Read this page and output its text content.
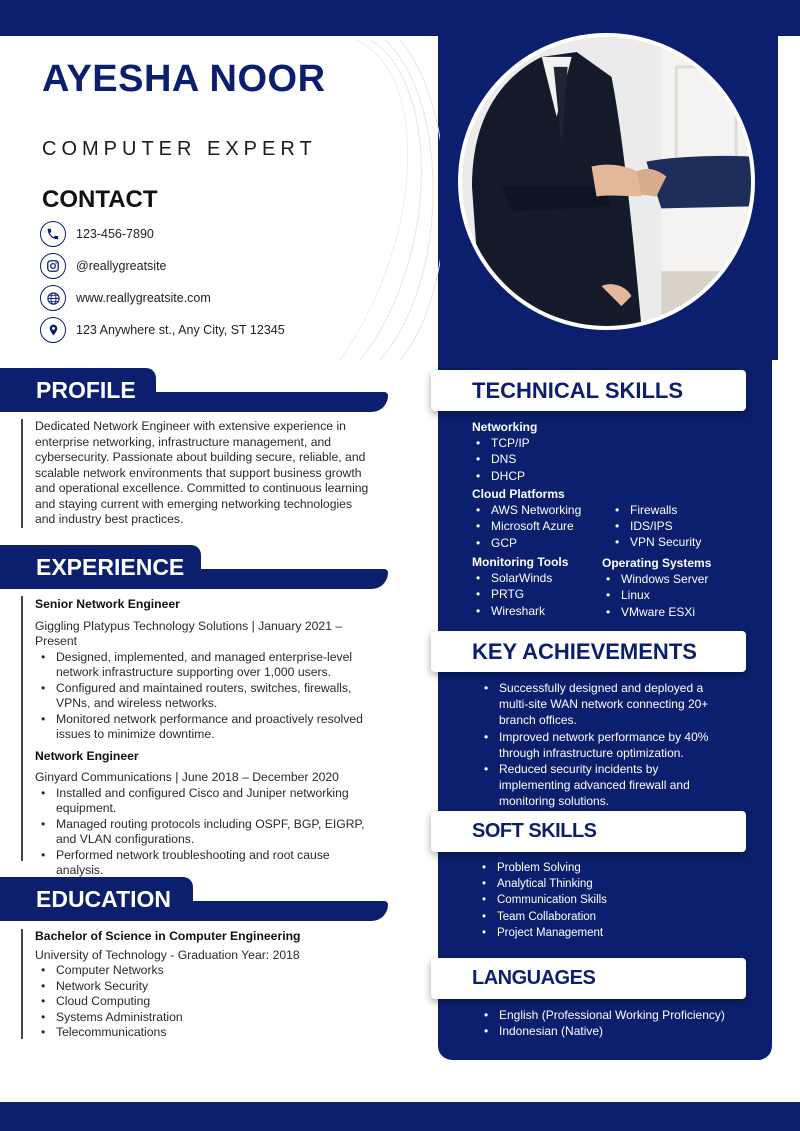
AYESHA NOOR
COMPUTER EXPERT
CONTACT
123-456-7890
@reallygreatsite
www.reallygreatsite.com
123 Anywhere st., Any City, ST 12345
PROFILE
Dedicated Network Engineer with extensive experience in enterprise networking, infrastructure management, and cybersecurity. Passionate about building secure, reliable, and scalable network environments that support business growth and operational excellence. Committed to continuous learning and staying current with emerging networking technologies and industry best practices.
EXPERIENCE
Senior Network Engineer
Giggling Platypus Technology Solutions | January 2021 – Present
• Designed, implemented, and managed enterprise-level network infrastructure supporting over 1,000 users.
• Configured and maintained routers, switches, firewalls, VPNs, and wireless networks.
• Monitored network performance and proactively resolved issues to minimize downtime.
Network Engineer
Ginyard Communications | June 2018 – December 2020
• Installed and configured Cisco and Juniper networking equipment.
• Managed routing protocols including OSPF, BGP, EIGRP, and VLAN configurations.
• Performed network troubleshooting and root cause analysis.
EDUCATION
Bachelor of Science in Computer Engineering
University of Technology - Graduation Year: 2018
• Computer Networks
• Network Security
• Cloud Computing
• Systems Administration
• Telecommunications
TECHNICAL SKILLS
Networking
• TCP/IP
• DNS
• DHCP
Cloud Platforms
• AWS Networking
• Microsoft Azure
• GCP
• Firewalls
• IDS/IPS
• VPN Security
Monitoring Tools
• SolarWinds
• PRTG
• Wireshark
Operating Systems
• Windows Server
• Linux
• VMware ESXi
KEY ACHIEVEMENTS
• Successfully designed and deployed a multi-site WAN network connecting 20+ branch offices.
• Improved network performance by 40% through infrastructure optimization.
• Reduced security incidents by implementing advanced firewall and monitoring solutions.
SOFT SKILLS
• Problem Solving
• Analytical Thinking
• Communication Skills
• Team Collaboration
• Project Management
LANGUAGES
• English (Professional Working Proficiency)
• Indonesian (Native)
